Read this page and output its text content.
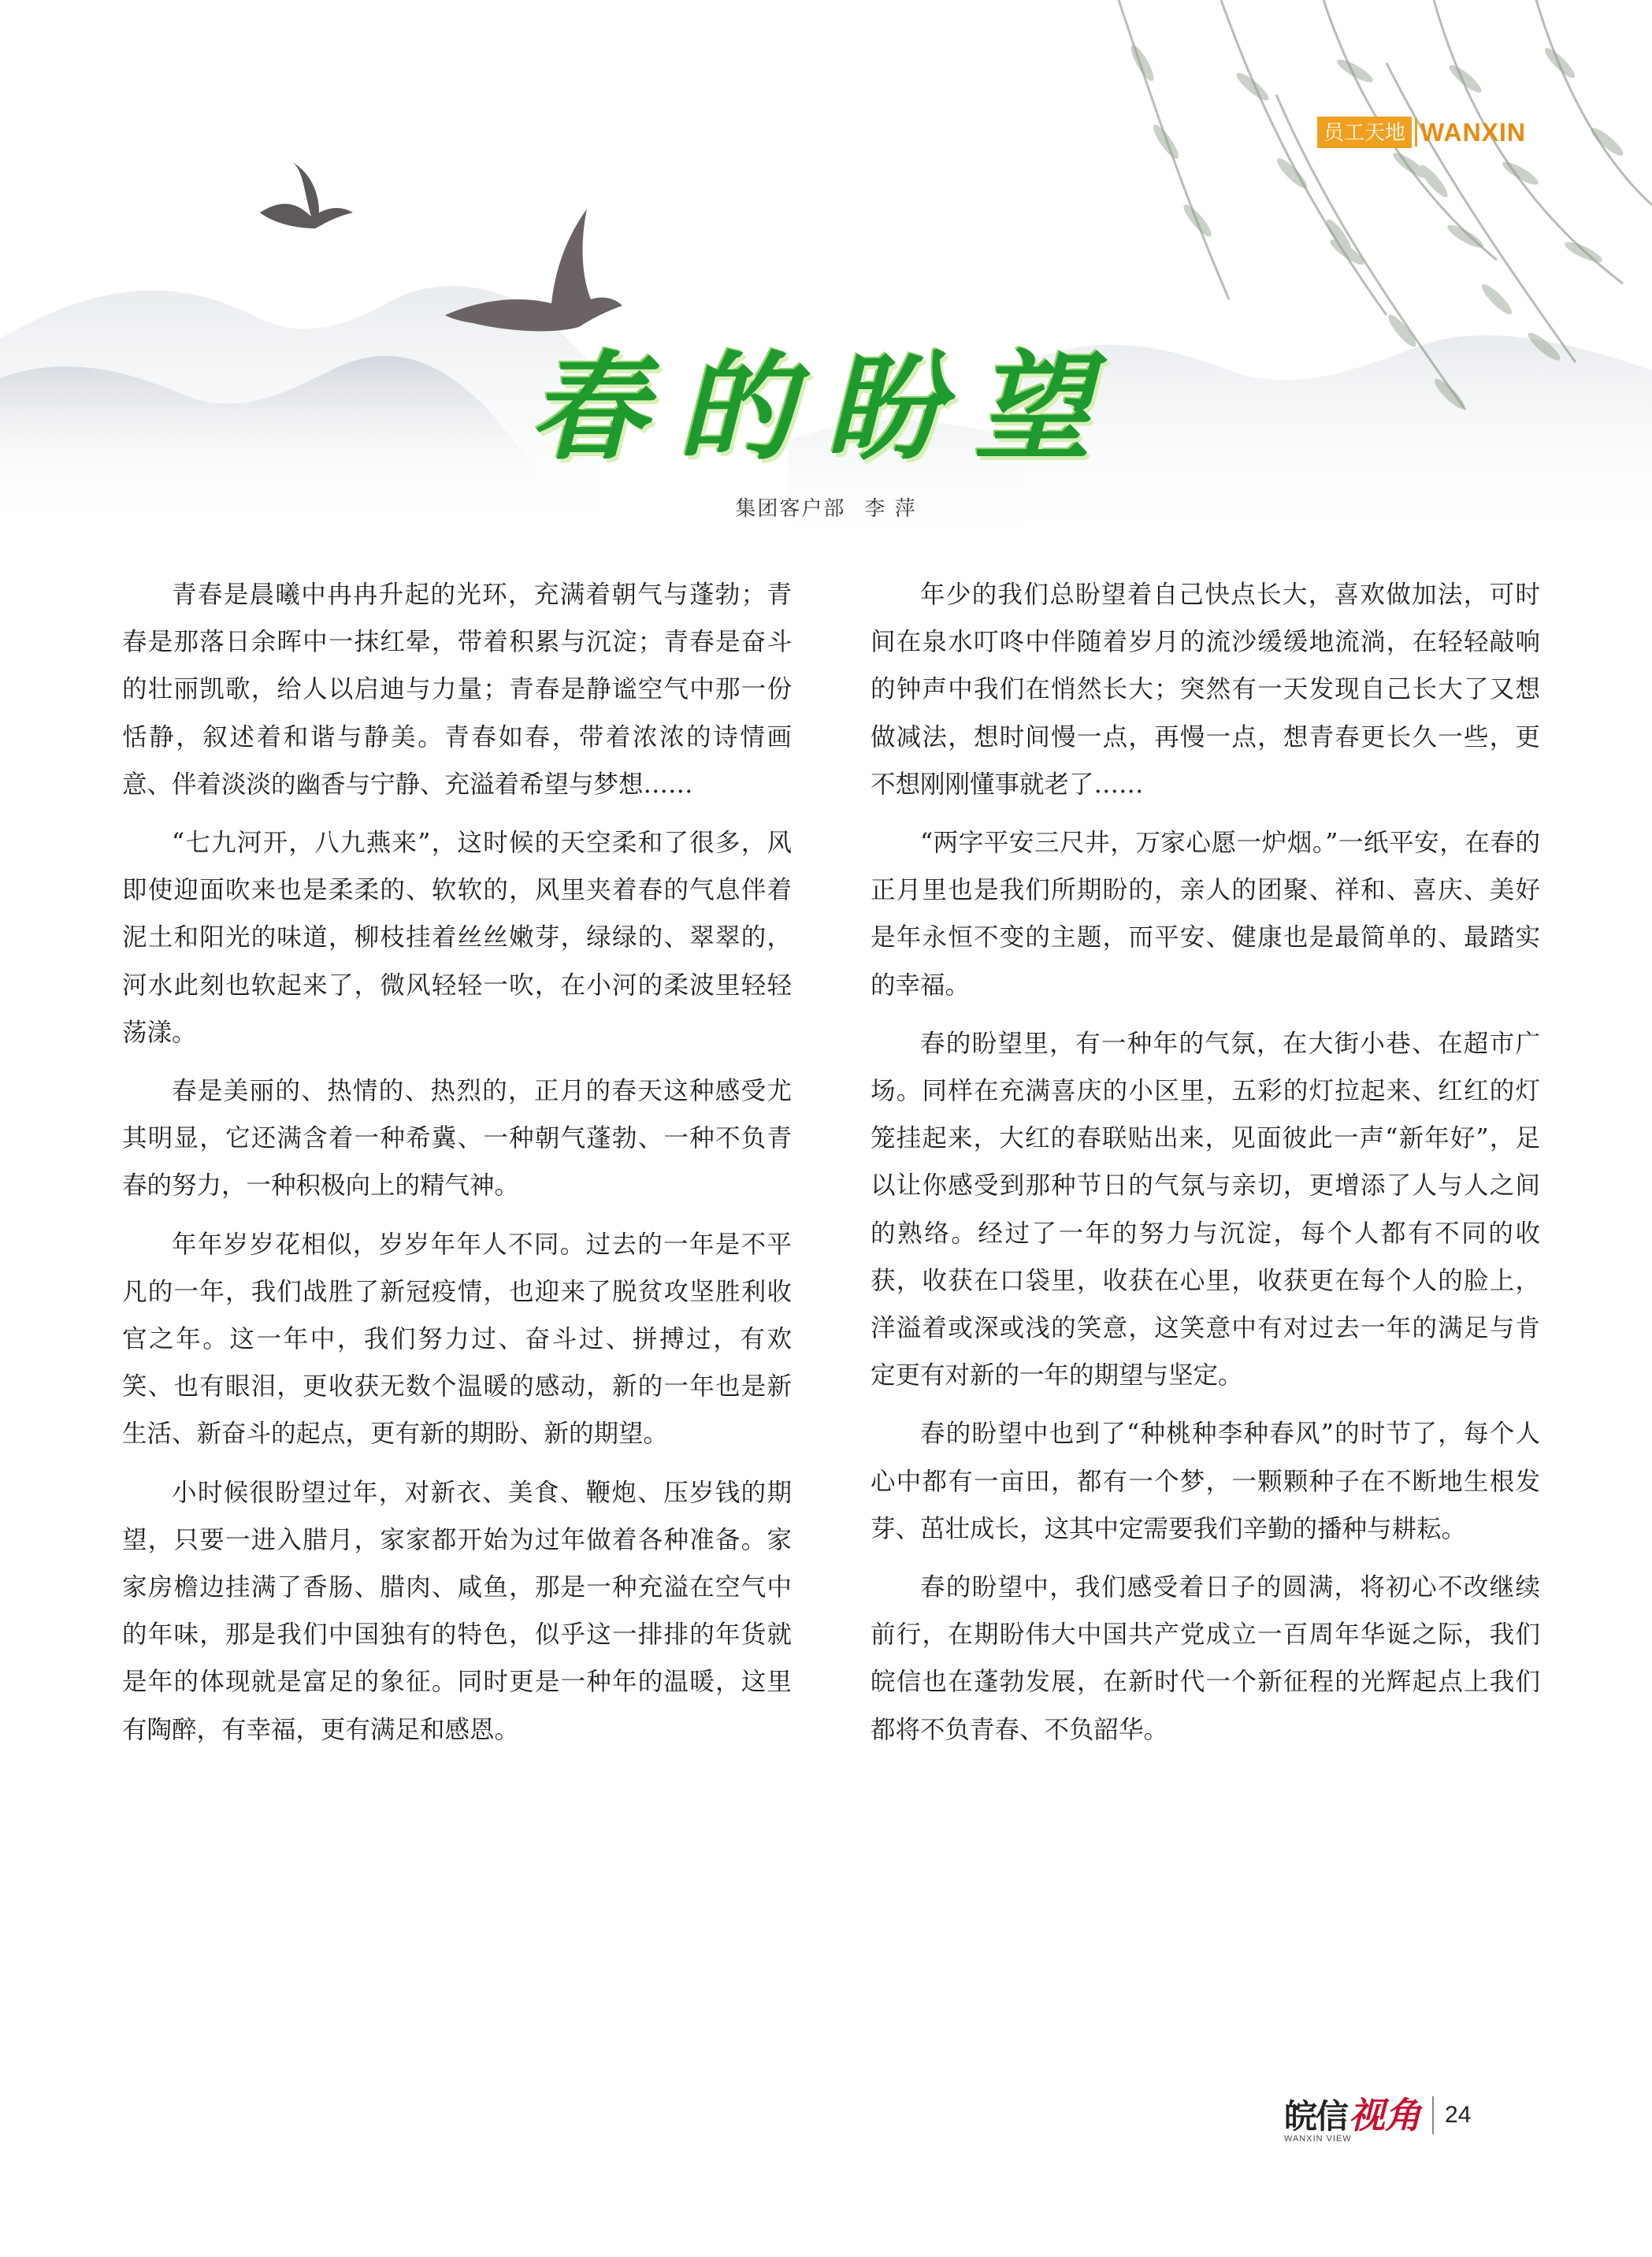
员工天地 WANXIN
春的盼望
集团客户部 李 萍

青春是晨曦中冉冉升起的光环，充满着朝气与蓬勃；青春是那落日余晖中一抹红晕，带着积累与沉淀；青春是奋斗的壮丽凯歌，给人以启迪与力量；青春是静谧空气中那一份恬静，叙述着和谐与静美。青春如春，带着浓浓的诗情画意、伴着淡淡的幽香与宁静、充溢着希望与梦想……

“七九河开，八九燕来”，这时候的天空柔和了很多，风即使迎面吹来也是柔柔的、软软的，风里夹着春的气息伴着泥土和阳光的味道，柳枝挂着丝丝嫩芽，绿绿的、翠翠的，河水此刻也软起来了，微风轻轻一吹，在小河的柔波里轻轻荡漾。

春是美丽的、热情的、热烈的，正月的春天这种感受尤其明显，它还满含着一种希冀、一种朝气蓬勃、一种不负青春的努力，一种积极向上的精气神。

年年岁岁花相似，岁岁年年人不同。过去的一年是不平凡的一年，我们战胜了新冠疫情，也迎来了脱贫攻坚胜利收官之年。这一年中，我们努力过、奋斗过、拼搏过，有欢笑、也有眼泪，更收获无数个温暖的感动，新的一年也是新生活、新奋斗的起点，更有新的期盼、新的期望。

小时候很盼望过年，对新衣、美食、鞭炮、压岁钱的期望，只要一进入腊月，家家都开始为过年做着各种准备。家家房檐边挂满了香肠、腊肉、咸鱼，那是一种充溢在空气中的年味，那是我们中国独有的特色，似乎这一排排的年货就是年的体现就是富足的象征。同时更是一种年的温暖，这里有陶醉，有幸福，更有满足和感恩。

年少的我们总盼望着自己快点长大，喜欢做加法，可时间在泉水叮咚中伴随着岁月的流沙缓缓地流淌，在轻轻敲响的钟声中我们在悄然长大；突然有一天发现自己长大了又想做减法，想时间慢一点，再慢一点，想青春更长久一些，更不想刚刚懂事就老了……

“两字平安三尺井，万家心愿一炉烟。”一纸平安，在春的正月里也是我们所期盼的，亲人的团聚、祥和、喜庆、美好是年永恒不变的主题，而平安、健康也是最简单的、最踏实的幸福。

春的盼望里，有一种年的气氛，在大街小巷、在超市广场。同样在充满喜庆的小区里，五彩的灯拉起来、红红的灯笼挂起来，大红的春联贴出来，见面彼此一声“新年好”，足以让你感受到那种节日的气氛与亲切，更增添了人与人之间的熟络。经过了一年的努力与沉淀，每个人都有不同的收获，收获在口袋里，收获在心里，收获更在每个人的脸上，洋溢着或深或浅的笑意，这笑意中有对过去一年的满足与肯定更有对新的一年的期望与坚定。

春的盼望中也到了“种桃种李种春风”的时节了，每个人心中都有一亩田，都有一个梦，一颗颗种子在不断地生根发芽、茁壮成长，这其中定需要我们辛勤的播种与耕耘。

春的盼望中，我们感受着日子的圆满，将初心不改继续前行，在期盼伟大中国共产党成立一百周年华诞之际，我们皖信也在蓬勃发展，在新时代一个新征程的光辉起点上我们都将不负青春、不负韶华。

皖信 视角
WANXIN VIEW
24
